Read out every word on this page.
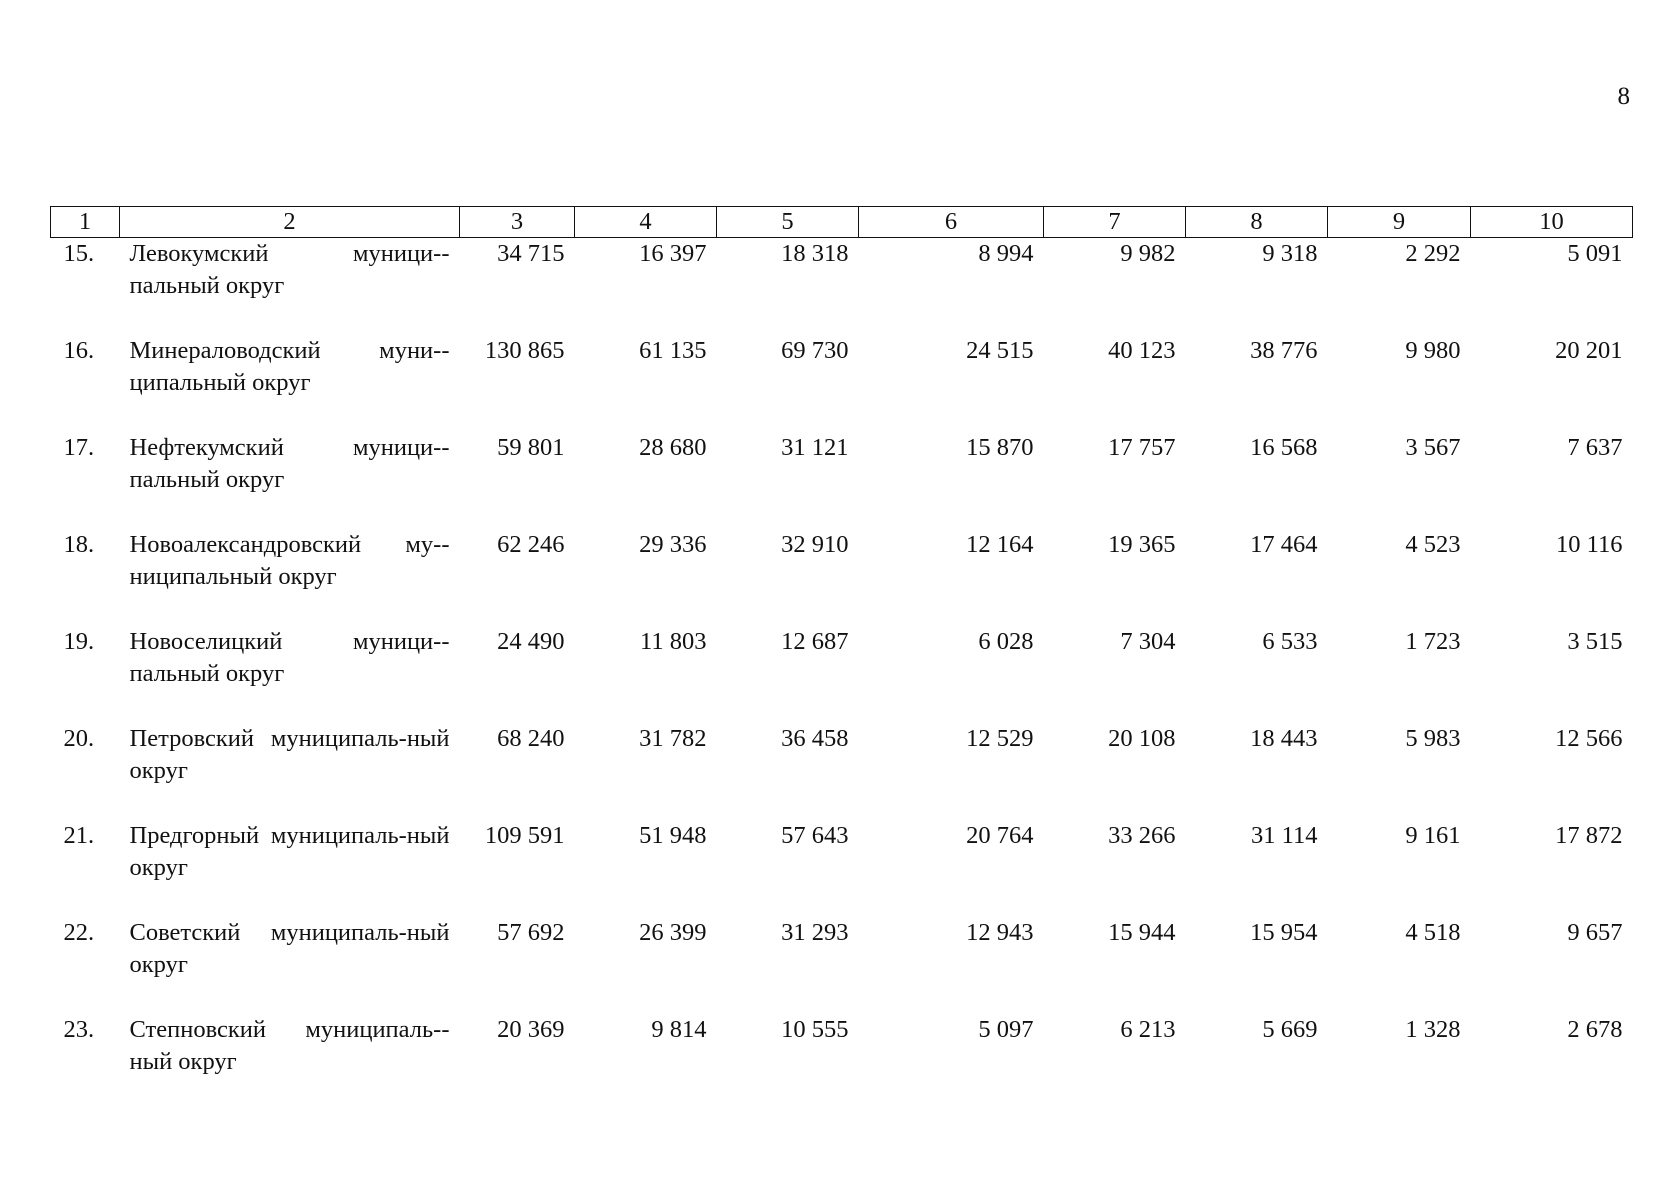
8
1	2	3	4	5	6	7	8	9	10
15.	Левокумский муници-пальный округ	34 715	16 397	18 318	8 994	9 982	9 318	2 292	5 091
16.	Минераловодский муни-ципальный округ	130 865	61 135	69 730	24 515	40 123	38 776	9 980	20 201
17.	Нефтекумский муници-пальный округ	59 801	28 680	31 121	15 870	17 757	16 568	3 567	7 637
18.	Новоалександровский му-ниципальный округ	62 246	29 336	32 910	12 164	19 365	17 464	4 523	10 116
19.	Новоселицкий муници-пальный округ	24 490	11 803	12 687	6 028	7 304	6 533	1 723	3 515
20.	Петровский муниципаль-ный округ	68 240	31 782	36 458	12 529	20 108	18 443	5 983	12 566
21.	Предгорный муниципаль-ный округ	109 591	51 948	57 643	20 764	33 266	31 114	9 161	17 872
22.	Советский муниципаль-ный округ	57 692	26 399	31 293	12 943	15 944	15 954	4 518	9 657
23.	Степновский муниципаль-ный округ	20 369	9 814	10 555	5 097	6 213	5 669	1 328	2 678
